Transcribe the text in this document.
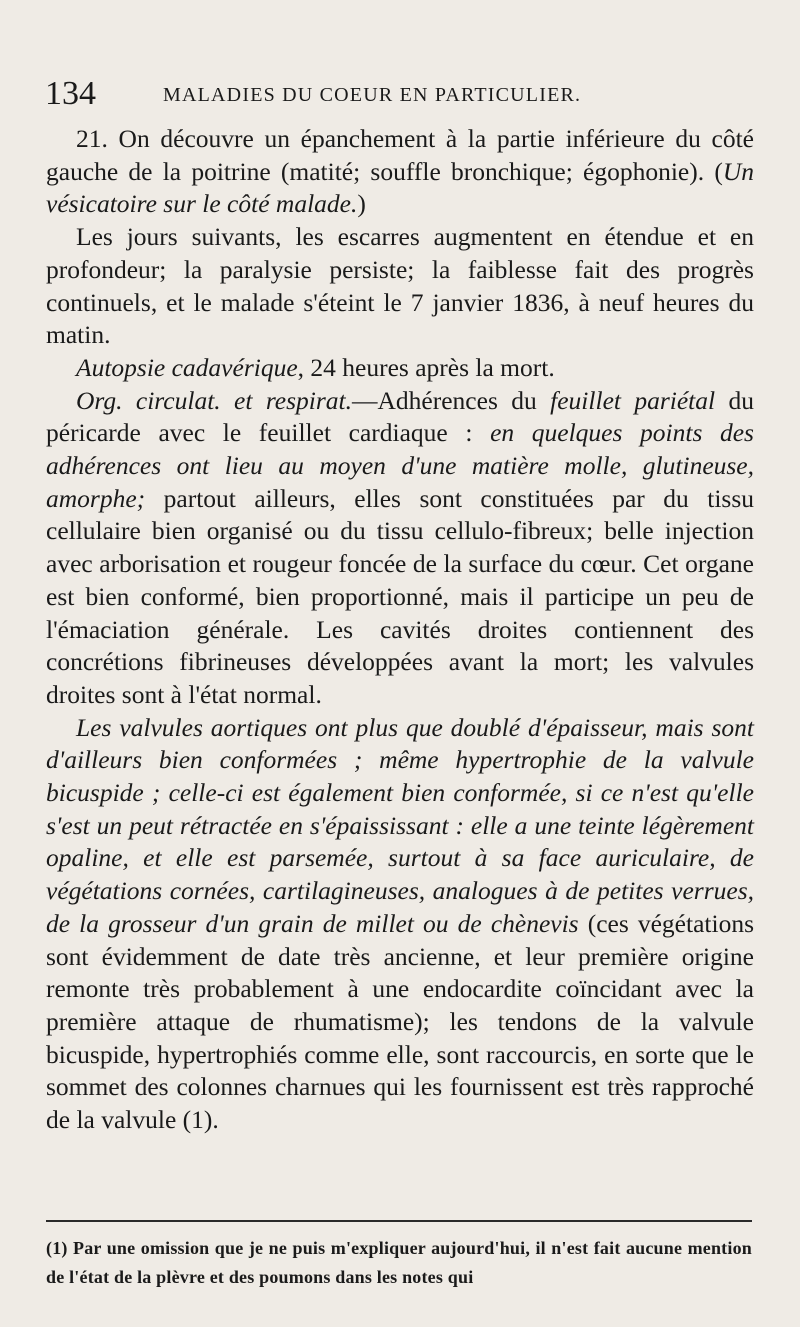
134	MALADIES DU COEUR EN PARTICULIER.

21. On découvre un épanchement à la partie inférieure du côté gauche de la poitrine (matité; souffle bronchique; égophonie). (Un vésicatoire sur le côté malade.)

Les jours suivants, les escarres augmentent en étendue et en profondeur; la paralysie persiste; la faiblesse fait des progrès continuels, et le malade s'éteint le 7 janvier 1836, à neuf heures du matin.

Autopsie cadavérique, 24 heures après la mort.

Org. circulat. et respirat.—Adhérences du feuillet pariétal du péricarde avec le feuillet cardiaque : en quelques points des adhérences ont lieu au moyen d'une matière molle, glutineuse, amorphe; partout ailleurs, elles sont constituées par du tissu cellulaire bien organisé ou du tissu cellulo-fibreux; belle injection avec arborisation et rougeur foncée de la surface du cœur. Cet organe est bien conformé, bien proportionné, mais il participe un peu de l'émaciation générale. Les cavités droites contiennent des concrétions fibrineuses développées avant la mort; les valvules droites sont à l'état normal.

Les valvules aortiques ont plus que doublé d'épaisseur, mais sont d'ailleurs bien conformées ; même hypertrophie de la valvule bicuspide ; celle-ci est également bien conformée, si ce n'est qu'elle s'est un peut rétractée en s'épaississant : elle a une teinte légèrement opaline, et elle est parsemée, surtout à sa face auriculaire, de végétations cornées, cartilagineuses, analogues à de petites verrues, de la grosseur d'un grain de millet ou de chènevis (ces végétations sont évidemment de date très ancienne, et leur première origine remonte très probablement à une endocardite coïncidant avec la première attaque de rhumatisme); les tendons de la valvule bicuspide, hypertrophiés comme elle, sont raccourcis, en sorte que le sommet des colonnes charnues qui les fournissent est très rapproché de la valvule (1).

(1) Par une omission que je ne puis m'expliquer aujourd'hui, il n'est fait aucune mention de l'état de la plèvre et des poumons dans les notes qui
